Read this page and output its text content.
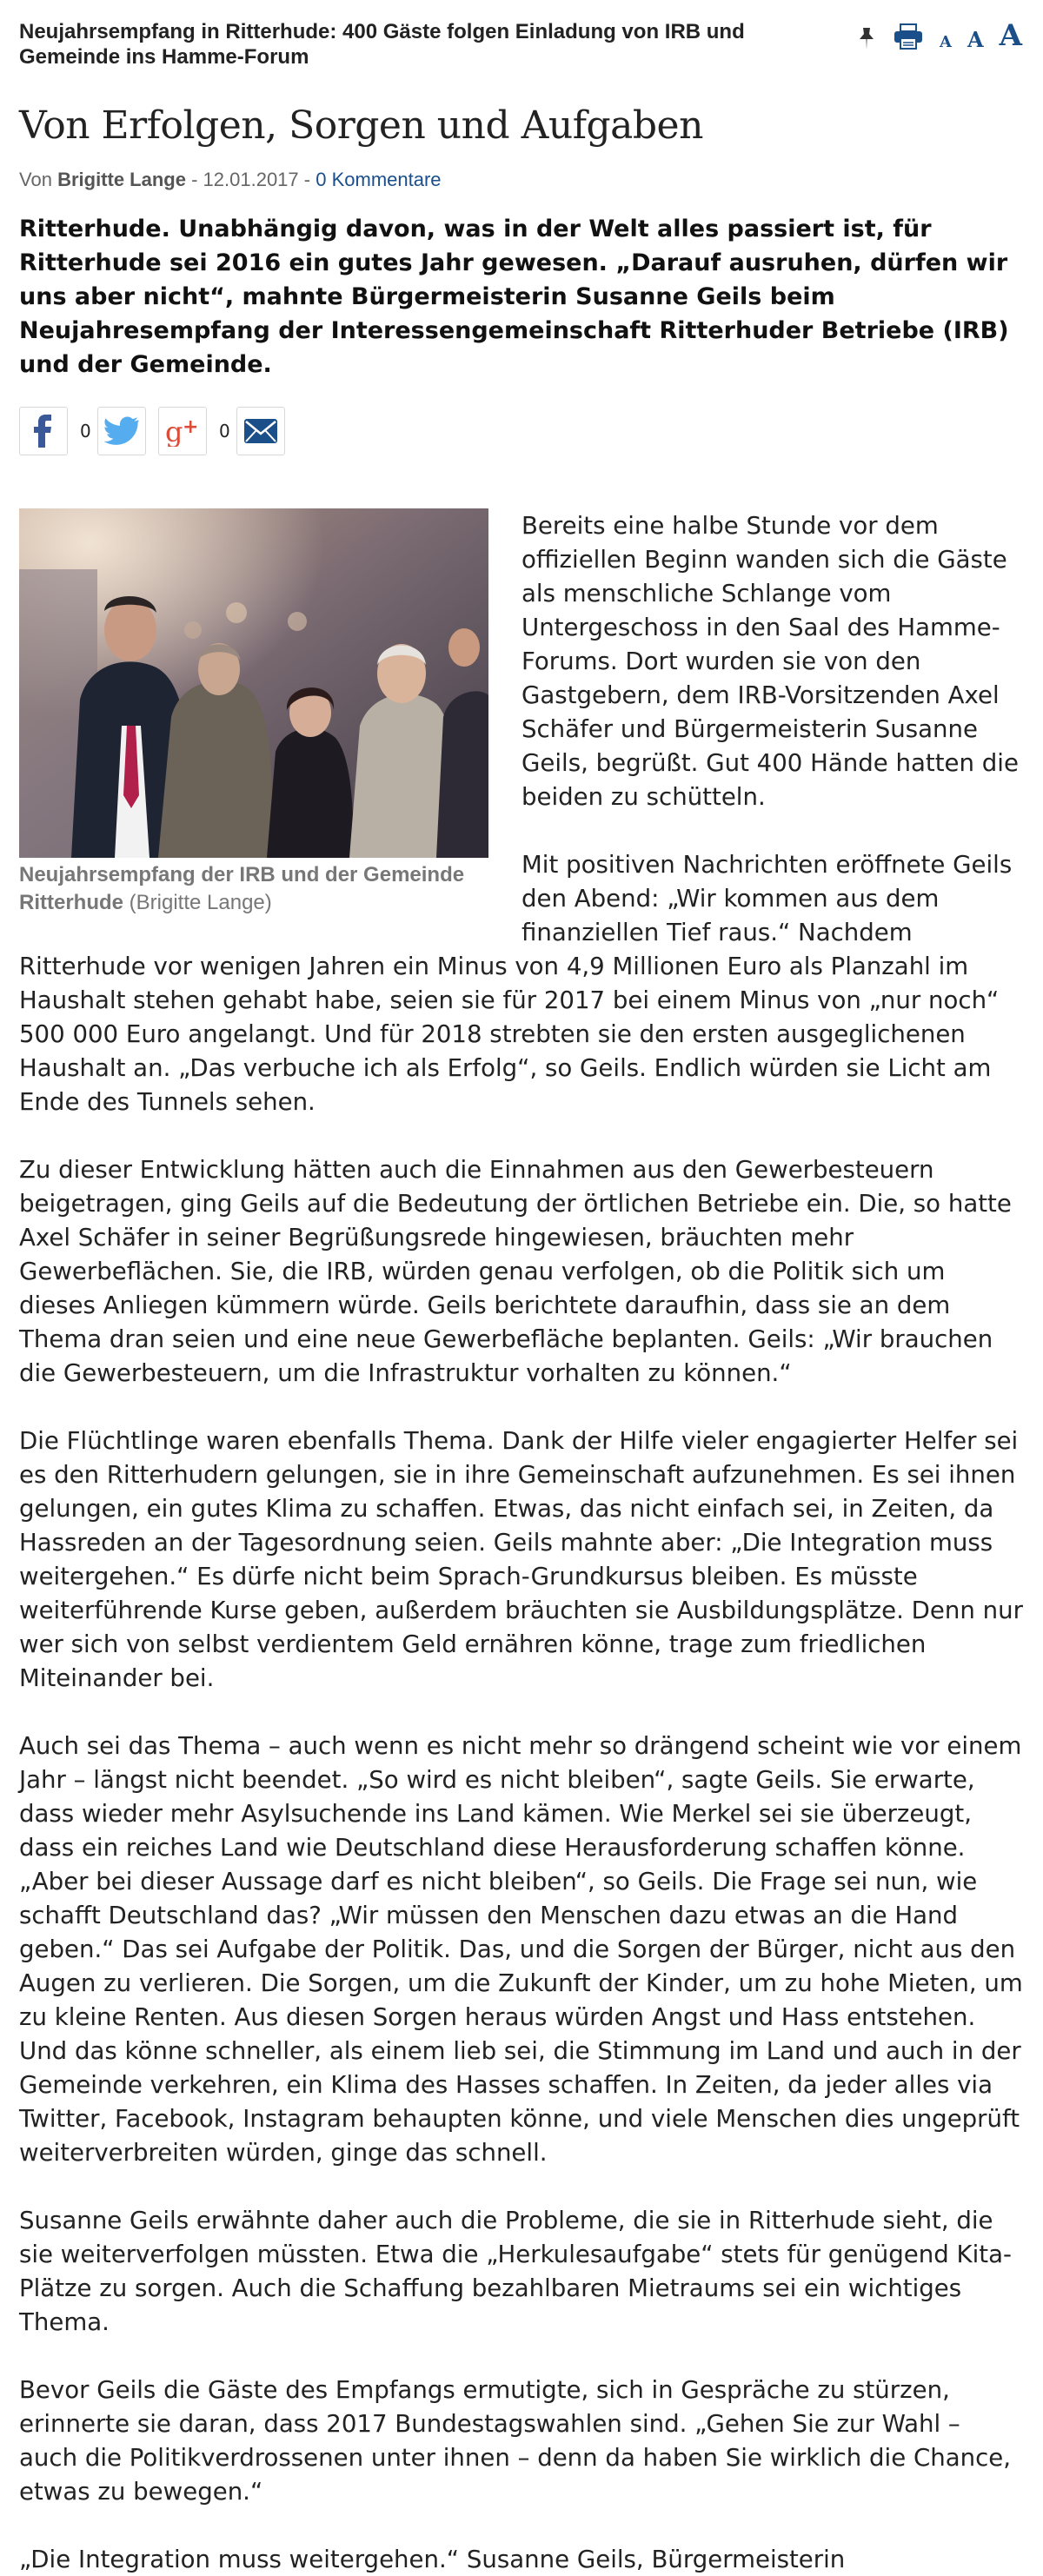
Neujahrsempfang in Ritterhude: 400 Gäste folgen Einladung von IRB und Gemeinde ins Hamme-Forum
A A A
Von Erfolgen, Sorgen und Aufgaben
Von Brigitte Lange - 12.01.2017 - 0 Kommentare

Ritterhude. Unabhängig davon, was in der Welt alles passiert ist, für Ritterhude sei 2016 ein gutes Jahr gewesen. „Darauf ausruhen, dürfen wir uns aber nicht“, mahnte Bürgermeisterin Susanne Geils beim Neujahresempfang der Interessengemeinschaft Ritterhuder Betriebe (IRB) und der Gemeinde.

0	g +	0
Neujahrsempfang der IRB und der Gemeinde Ritterhude (Brigitte Lange)

Bereits eine halbe Stunde vor dem offiziellen Beginn wanden sich die Gäste als menschliche Schlange vom Untergeschoss in den Saal des Hamme-Forums. Dort wurden sie von den Gastgebern, dem IRB-Vorsitzenden Axel Schäfer und Bürgermeisterin Susanne Geils, begrüßt. Gut 400 Hände hatten die beiden zu schütteln.

Mit positiven Nachrichten eröffnete Geils den Abend: „Wir kommen aus dem finanziellen Tief raus.“ Nachdem Ritterhude vor wenigen Jahren ein Minus von 4,9 Millionen Euro als Planzahl im Haushalt stehen gehabt habe, seien sie für 2017 bei einem Minus von „nur noch“ 500 000 Euro angelangt. Und für 2018 strebten sie den ersten ausgeglichenen Haushalt an. „Das verbuche ich als Erfolg“, so Geils. Endlich würden sie Licht am Ende des Tunnels sehen.

Zu dieser Entwicklung hätten auch die Einnahmen aus den Gewerbesteuern beigetragen, ging Geils auf die Bedeutung der örtlichen Betriebe ein. Die, so hatte Axel Schäfer in seiner Begrüßungsrede hingewiesen, bräuchten mehr Gewerbeflächen. Sie, die IRB, würden genau verfolgen, ob die Politik sich um dieses Anliegen kümmern würde. Geils berichtete daraufhin, dass sie an dem Thema dran seien und eine neue Gewerbefläche beplanten. Geils: „Wir brauchen die Gewerbesteuern, um die Infrastruktur vorhalten zu können.“

Die Flüchtlinge waren ebenfalls Thema. Dank der Hilfe vieler engagierter Helfer sei es den Ritterhudern gelungen, sie in ihre Gemeinschaft aufzunehmen. Es sei ihnen gelungen, ein gutes Klima zu schaffen. Etwas, das nicht einfach sei, in Zeiten, da Hassreden an der Tagesordnung seien. Geils mahnte aber: „Die Integration muss weitergehen.“ Es dürfe nicht beim Sprach-Grundkursus bleiben. Es müsste weiterführende Kurse geben, außerdem bräuchten sie Ausbildungsplätze. Denn nur wer sich von selbst verdientem Geld ernähren könne, trage zum friedlichen Miteinander bei.

Auch sei das Thema – auch wenn es nicht mehr so drängend scheint wie vor einem Jahr – längst nicht beendet. „So wird es nicht bleiben“, sagte Geils. Sie erwarte, dass wieder mehr Asylsuchende ins Land kämen. Wie Merkel sei sie überzeugt, dass ein reiches Land wie Deutschland diese Herausforderung schaffen könne. „Aber bei dieser Aussage darf es nicht bleiben“, so Geils. Die Frage sei nun, wie schafft Deutschland das? „Wir müssen den Menschen dazu etwas an die Hand geben.“ Das sei Aufgabe der Politik. Das, und die Sorgen der Bürger, nicht aus den Augen zu verlieren. Die Sorgen, um die Zukunft der Kinder, um zu hohe Mieten, um zu kleine Renten. Aus diesen Sorgen heraus würden Angst und Hass entstehen. Und das könne schneller, als einem lieb sei, die Stimmung im Land und auch in der Gemeinde verkehren, ein Klima des Hasses schaffen. In Zeiten, da jeder alles via Twitter, Facebook, Instagram behaupten könne, und viele Menschen dies ungeprüft weiterverbreiten würden, ginge das schnell.

Susanne Geils erwähnte daher auch die Probleme, die sie in Ritterhude sieht, die sie weiterverfolgen müssten. Etwa die „Herkulesaufgabe“ stets für genügend Kita-Plätze zu sorgen. Auch die Schaffung bezahlbaren Mietraums sei ein wichtiges Thema.

Bevor Geils die Gäste des Empfangs ermutigte, sich in Gespräche zu stürzen, erinnerte sie daran, dass 2017 Bundestagswahlen sind. „Gehen Sie zur Wahl – auch die Politikverdrossenen unter ihnen – denn da haben Sie wirklich die Chance, etwas zu bewegen.“

„Die Integration muss weitergehen.“ Susanne Geils, Bürgermeisterin
